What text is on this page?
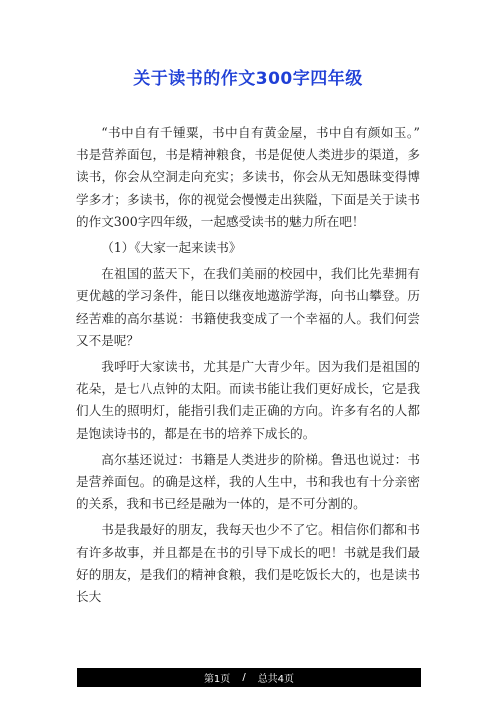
关于读书的作文300字四年级

“书中自有千锺粟，书中自有黄金屋，书中自有颜如玉。”书是营养面包，书是精神粮食，书是促使人类进步的渠道，多读书，你会从空洞走向充实；多读书，你会从无知愚昧变得博学多才；多读书，你的视觉会慢慢走出狭隘，下面是关于读书的作文300字四年级，一起感受读书的魅力所在吧！

（1）《大家一起来读书》

在祖国的蓝天下，在我们美丽的校园中，我们比先辈拥有更优越的学习条件，能日以继夜地遨游学海，向书山攀登。历经苦难的高尔基说：书籍使我变成了一个幸福的人。我们何尝又不是呢？

我呼吁大家读书，尤其是广大青少年。因为我们是祖国的花朵，是七八点钟的太阳。而读书能让我们更好成长，它是我们人生的照明灯，能指引我们走正确的方向。许多有名的人都是饱读诗书的，都是在书的培养下成长的。

高尔基还说过：书籍是人类进步的阶梯。鲁迅也说过：书是营养面包。的确是这样，我的人生中，书和我也有十分亲密的关系，我和书已经是融为一体的，是不可分割的。

书是我最好的朋友，我每天也少不了它。相信你们都和书有许多故事，并且都是在书的引导下成长的吧！书就是我们最好的朋友，是我们的精神食粮，我们是吃饭长大的，也是读书长大

第1页 / 总共4页
